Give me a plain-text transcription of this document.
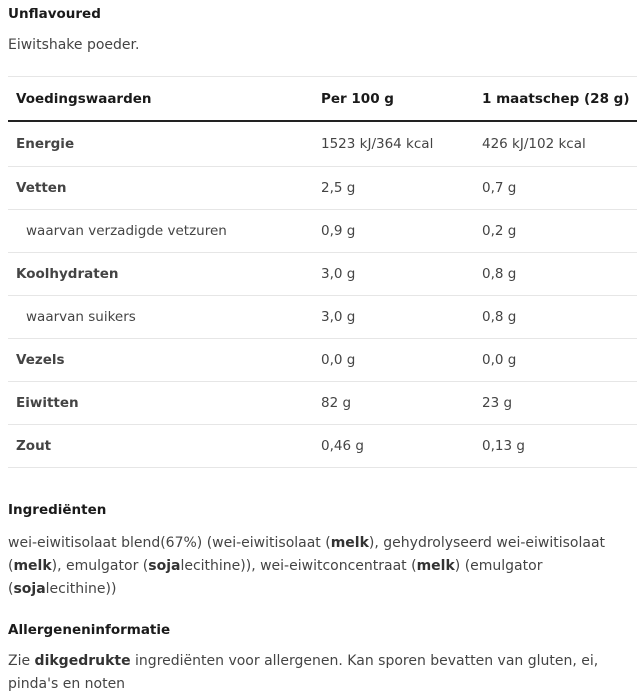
Unflavoured
Eiwitshake poeder.
Voedingswaarden	Per 100 g	1 maatschep (28 g)
Energie	1523 kJ/364 kcal	426 kJ/102 kcal
Vetten	2,5 g	0,7 g
waarvan verzadigde vetzuren	0,9 g	0,2 g
Koolhydraten	3,0 g	0,8 g
waarvan suikers	3,0 g	0,8 g
Vezels	0,0 g	0,0 g
Eiwitten	82 g	23 g
Zout	0,46 g	0,13 g
Ingrediënten
wei-eiwitisolaat blend(67%) (wei-eiwitisolaat (melk), gehydrolyseerd wei-eiwitisolaat (melk), emulgator (sojalecithine)), wei-eiwitconcentraat (melk) (emulgator (sojalecithine))
Allergeneninformatie
Zie dikgedrukte ingrediënten voor allergenen. Kan sporen bevatten van gluten, ei, pinda's en noten
